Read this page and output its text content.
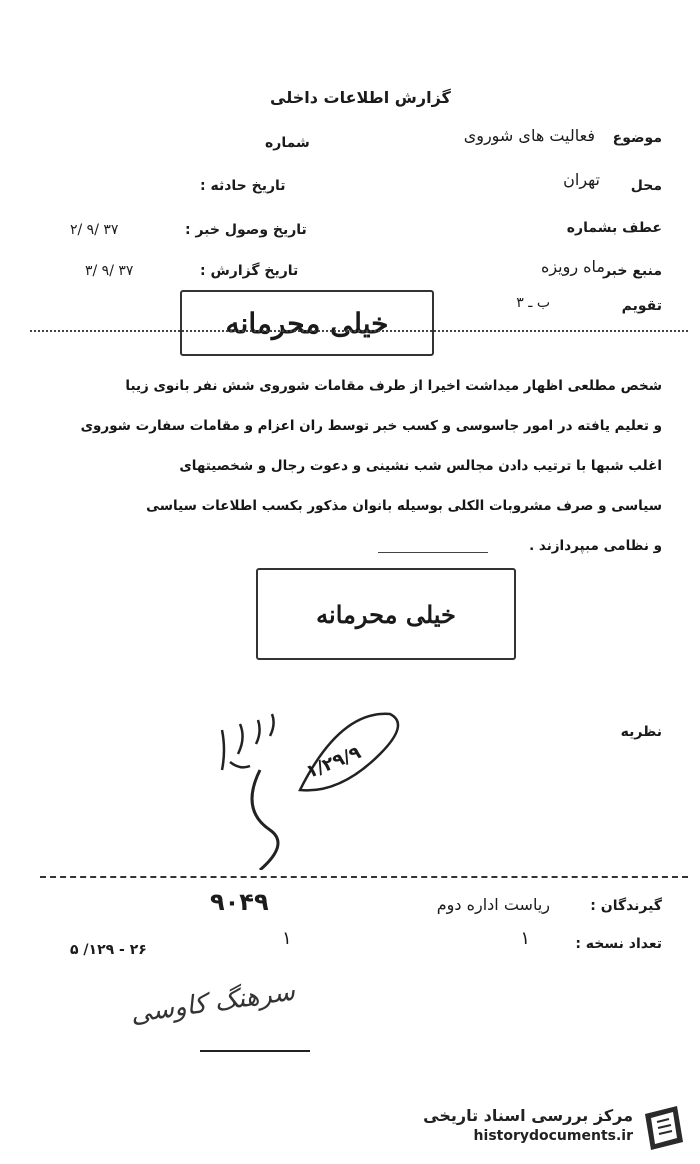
گزارش اطلاعات داخلی
موضوع
فعالیت های شوروی
شماره
محل
تهران
تاریخ حادثه :
عطف بشماره
تاریخ وصول خبر :
۲/ ۹/ ۳۷
منبع خبر
ماه رویزه
تاریخ گزارش :
۳/ ۹/ ۳۷
تقویم
ب ـ ۳
خیلی محرمانه
شخص مطلعی اظهار میداشت اخیرا از طرف مقامات شوروی شش نفر بانوی زیبا
و تعلیم یافته در امور جاسوسی و کسب خبر توسط ران اعزام و مقامات سفارت شوروی
اغلب شبها با ترتیب دادن مجالس شب نشینی و دعوت رجال و شخصیتهای
سیاسی و صرف مشروبات الکلی بوسیله بانوان مذکور بکسب اطلاعات سیاسی
و نظامی مبپردازند .
خیلی محرمانه
نظریه
۱/۲۹/۹
گیرندگان :
ریاست اداره دوم
۹۰۴۹
تعداد نسخه :
۱
۱
۲۶ - ۱۲۹/ ۵
سرهنگ کاوسی
مرکز بررسی اسناد تاریخی
historydocuments.ir
